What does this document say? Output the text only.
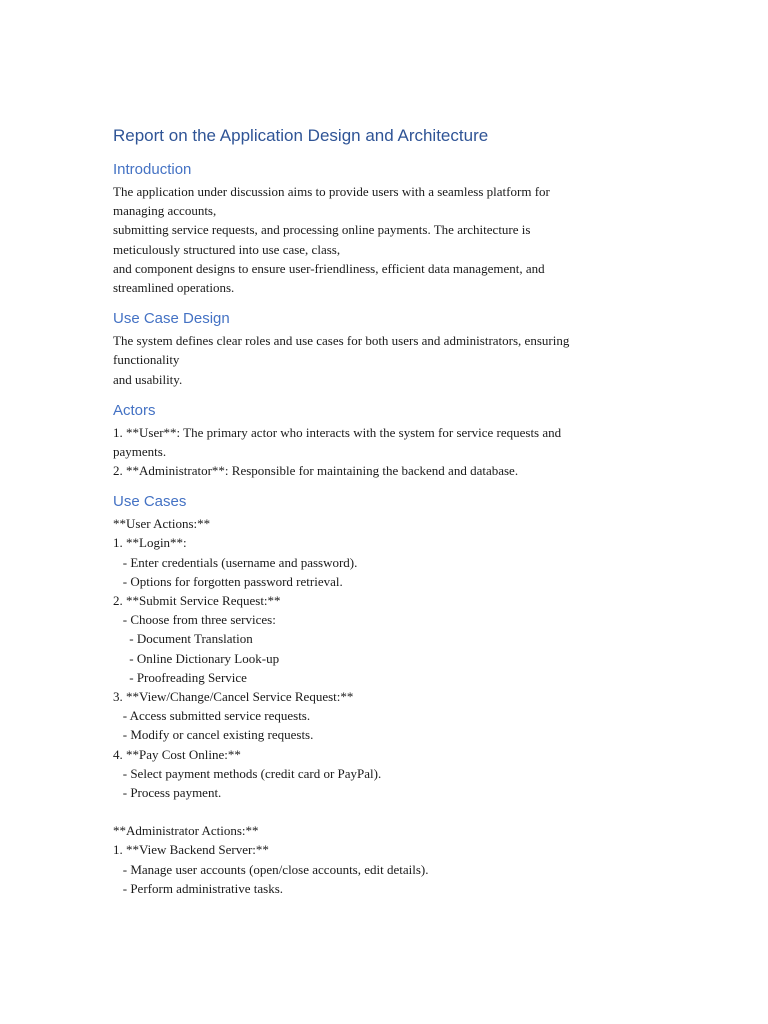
Report on the Application Design and Architecture
Introduction
The application under discussion aims to provide users with a seamless platform for
managing accounts,
submitting service requests, and processing online payments. The architecture is
meticulously structured into use case, class,
and component designs to ensure user-friendliness, efficient data management, and
streamlined operations.
Use Case Design
The system defines clear roles and use cases for both users and administrators, ensuring
functionality
and usability.
Actors
1. **User**: The primary actor who interacts with the system for service requests and
payments.
2. **Administrator**: Responsible for maintaining the backend and database.
Use Cases
**User Actions:**
1. **Login**:
- Enter credentials (username and password).
- Options for forgotten password retrieval.
2. **Submit Service Request:**
- Choose from three services:
- Document Translation
- Online Dictionary Look-up
- Proofreading Service
3. **View/Change/Cancel Service Request:**
- Access submitted service requests.
- Modify or cancel existing requests.
4. **Pay Cost Online:**
- Select payment methods (credit card or PayPal).
- Process payment.
**Administrator Actions:**
1. **View Backend Server:**
- Manage user accounts (open/close accounts, edit details).
- Perform administrative tasks.
